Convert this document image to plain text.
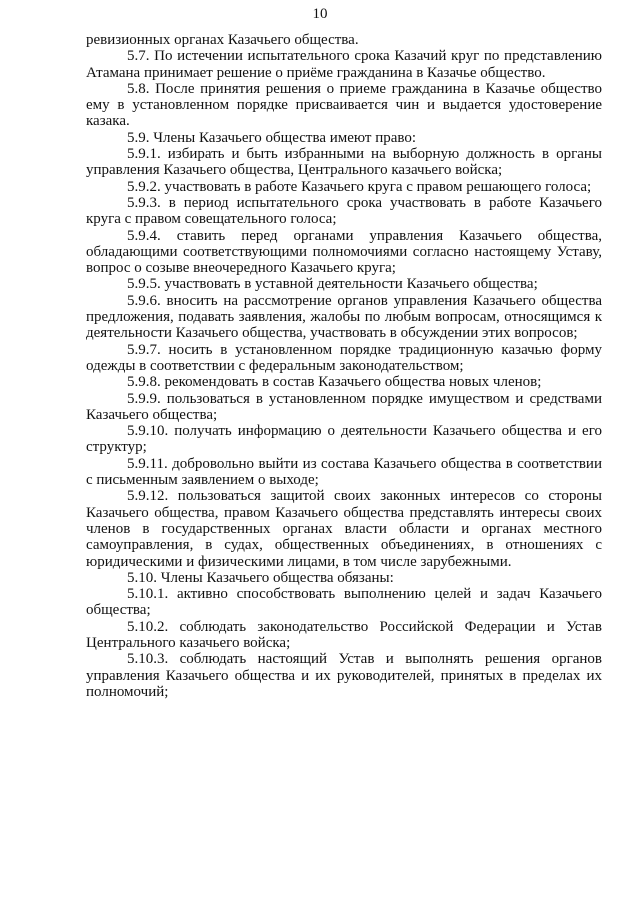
10

ревизионных органах Казачьего общества.

5.7. По истечении испытательного срока Казачий круг по представлению Атамана принимает решение о приёме гражданина в Казачье общество.

5.8. После принятия решения о приеме гражданина в Казачье общество ему в установленном порядке присваивается чин и выдается удостоверение казака.

5.9. Члены Казачьего общества имеют право:

5.9.1. избирать и быть избранными на выборную должность в органы управления Казачьего общества, Центрального казачьего войска;

5.9.2. участвовать в работе Казачьего круга с правом решающего голоса;

5.9.3. в период испытательного срока участвовать в работе Казачьего круга с правом совещательного голоса;

5.9.4. ставить перед органами управления Казачьего общества, обладающими соответствующими полномочиями согласно настоящему Уставу, вопрос о созыве внеочередного Казачьего круга;

5.9.5. участвовать в уставной деятельности Казачьего общества;

5.9.6. вносить на рассмотрение органов управления Казачьего общества предложения, подавать заявления, жалобы по любым вопросам, относящимся к деятельности Казачьего общества, участвовать в обсуждении этих вопросов;

5.9.7. носить в установленном порядке традиционную казачью форму одежды в соответствии с федеральным законодательством;

5.9.8. рекомендовать в состав Казачьего общества новых членов;

5.9.9. пользоваться в установленном порядке имуществом и средствами Казачьего общества;

5.9.10. получать информацию о деятельности Казачьего общества и его структур;

5.9.11. добровольно выйти из состава Казачьего общества в соответствии с письменным заявлением о выходе;

5.9.12. пользоваться защитой своих законных интересов со стороны Казачьего общества, правом Казачьего общества представлять интересы своих членов в государственных органах власти области и органах местного самоуправления, в судах, общественных объединениях, в отношениях с юридическими и физическими лицами, в том числе зарубежными.

5.10. Члены Казачьего общества обязаны:

5.10.1. активно способствовать выполнению целей и задач Казачьего общества;

5.10.2. соблюдать законодательство Российской Федерации и Устав Центрального казачьего войска;

5.10.3. соблюдать настоящий Устав и выполнять решения органов управления Казачьего общества и их руководителей, принятых в пределах их полномочий;
